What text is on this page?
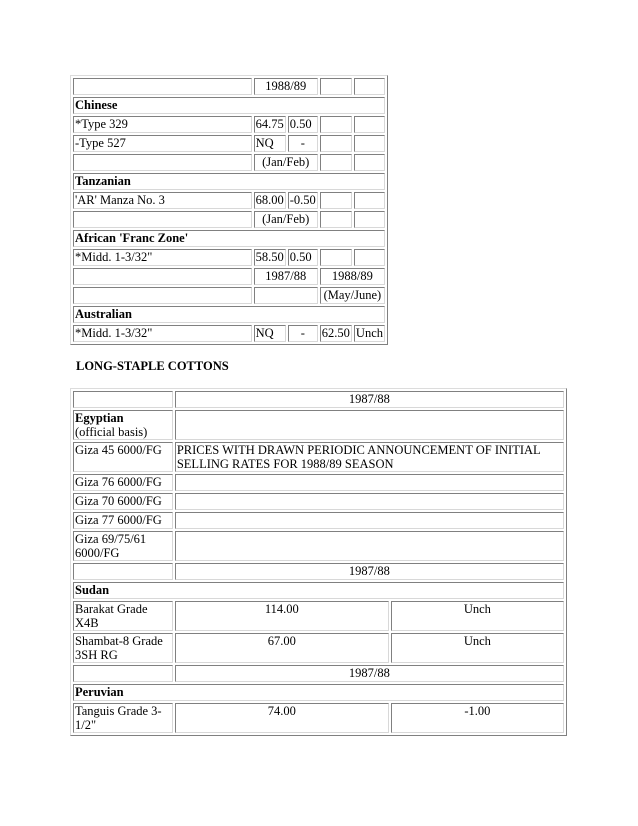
	1988/89			
Chinese				
*Type 329	64.75	0.50		
-Type 527	NQ	-		
	(Jan/Feb)			
Tanzanian				
'AR' Manza No. 3	68.00	-0.50		
	(Jan/Feb)			
African 'Franc Zone'				
*Midd. 1-3/32"	58.50	0.50		
	1987/88		1988/89	
			(May/June)	
Australian				
*Midd. 1-3/32"	NQ	-	62.50	Unch

LONG-STAPLE COTTONS

	1987/88	
Egyptian
(official basis)		
Giza 45 6000/FG	PRICES WITH DRAWN PERIODIC ANNOUNCEMENT OF INITIAL
SELLING RATES FOR 1988/89 SEASON	
Giza 76 6000/FG		
Giza 70 6000/FG		
Giza 77 6000/FG		
Giza 69/75/61
6000/FG		
	1987/88	
Sudan		
Barakat Grade
X4B	114.00	Unch
Shambat-8 Grade
3SH RG	67.00	Unch
	1987/88	
Peruvian		
Tanguis Grade 3-
1/2"	74.00	-1.00
